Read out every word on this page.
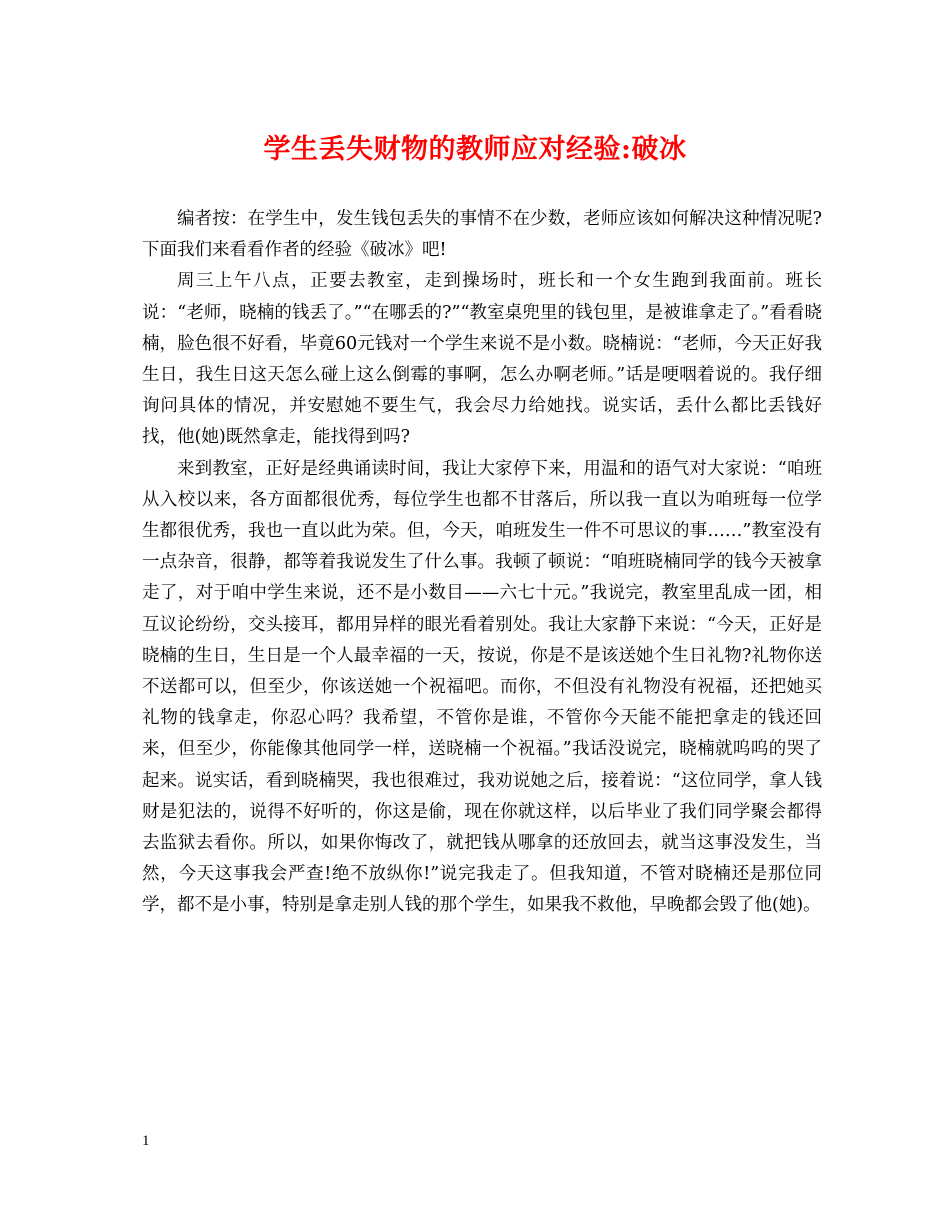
学生丢失财物的教师应对经验:破冰

编者按：在学生中，发生钱包丢失的事情不在少数，老师应该如何解决这种情况呢?下面我们来看看作者的经验《破冰》吧!

周三上午八点，正要去教室，走到操场时，班长和一个女生跑到我面前。班长说：“老师，晓楠的钱丢了。”“在哪丢的?”“教室桌兜里的钱包里，是被谁拿走了。”看看晓楠，脸色很不好看，毕竟60元钱对一个学生来说不是小数。晓楠说：“老师，今天正好我生日，我生日这天怎么碰上这么倒霉的事啊，怎么办啊老师。”话是哽咽着说的。我仔细询问具体的情况，并安慰她不要生气，我会尽力给她找。说实话，丢什么都比丢钱好找，他(她)既然拿走，能找得到吗?

来到教室，正好是经典诵读时间，我让大家停下来，用温和的语气对大家说：“咱班从入校以来，各方面都很优秀，每位学生也都不甘落后，所以我一直以为咱班每一位学生都很优秀，我也一直以此为荣。但，今天，咱班发生一件不可思议的事……”教室没有一点杂音，很静，都等着我说发生了什么事。我顿了顿说：“咱班晓楠同学的钱今天被拿走了，对于咱中学生来说，还不是小数目——六七十元。”我说完，教室里乱成一团，相互议论纷纷，交头接耳，都用异样的眼光看着别处。我让大家静下来说：“今天，正好是晓楠的生日，生日是一个人最幸福的一天，按说，你是不是该送她个生日礼物?礼物你送不送都可以，但至少，你该送她一个祝福吧。而你，不但没有礼物没有祝福，还把她买礼物的钱拿走，你忍心吗？我希望，不管你是谁，不管你今天能不能把拿走的钱还回来，但至少，你能像其他同学一样，送晓楠一个祝福。”我话没说完，晓楠就呜呜的哭了起来。说实话，看到晓楠哭，我也很难过，我劝说她之后，接着说：“这位同学，拿人钱财是犯法的，说得不好听的，你这是偷，现在你就这样，以后毕业了我们同学聚会都得去监狱去看你。所以，如果你悔改了，就把钱从哪拿的还放回去，就当这事没发生，当然，今天这事我会严查!绝不放纵你!”说完我走了。但我知道，不管对晓楠还是那位同学，都不是小事，特别是拿走别人钱的那个学生，如果我不救他，早晚都会毁了他(她)。

1
